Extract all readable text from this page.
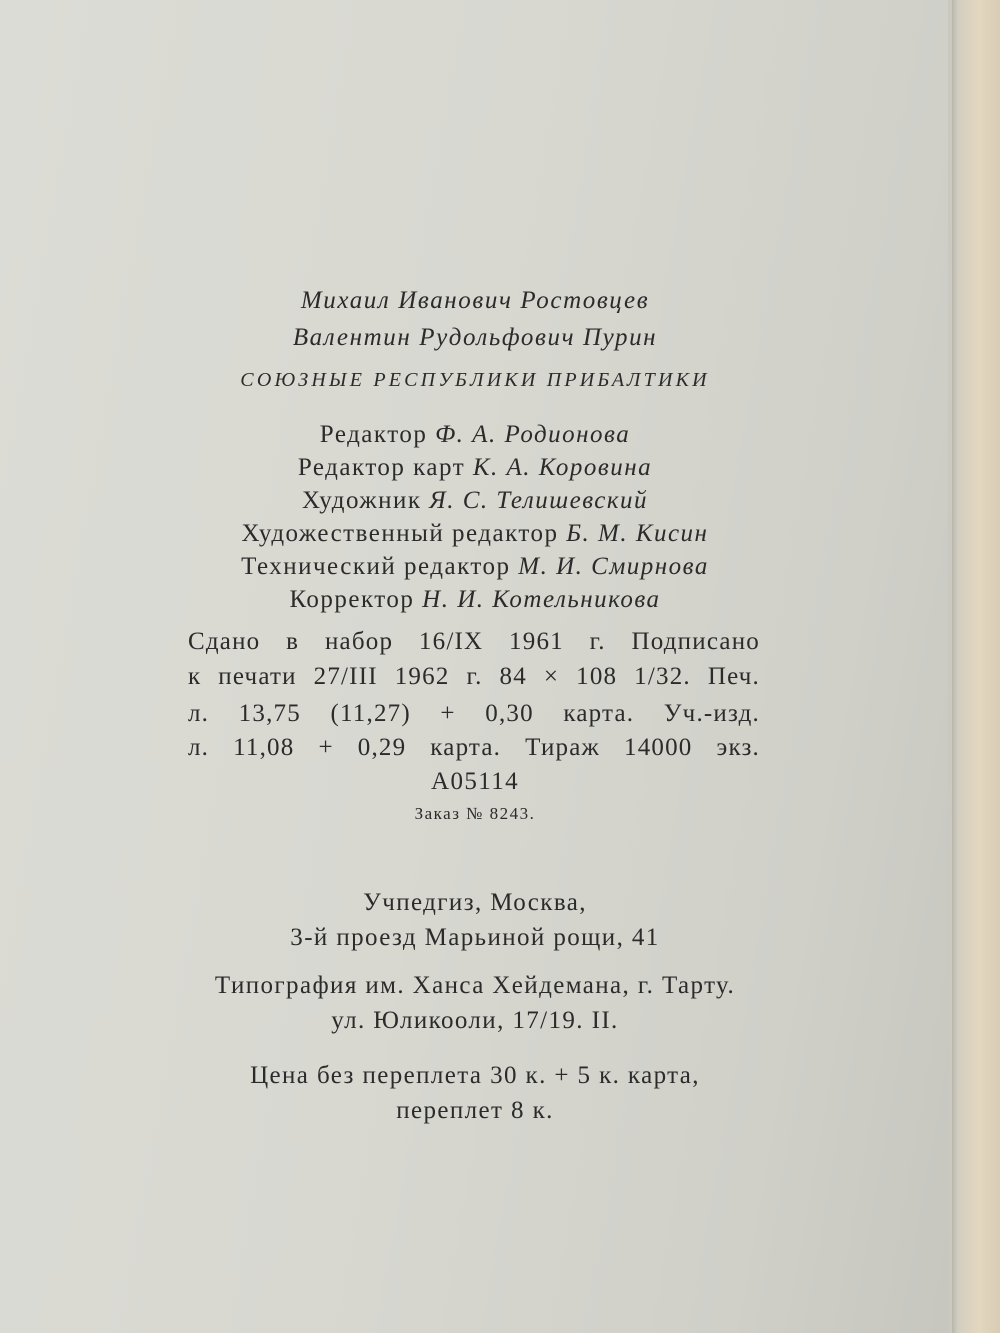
Михаил Иванович Ростовцев
Валентин Рудольфович Пурин
СОЮЗНЫЕ РЕСПУБЛИКИ ПРИБАЛТИКИ
Редактор Ф. А. Родионова
Редактор карт К. А. Коровина
Художник Я. С. Телишевский
Художественный редактор Б. М. Кисин
Технический редактор М. И. Смирнова
Корректор Н. И. Котельникова
Сдано в набор 16/IX 1961 г. Подписано
к печати 27/III 1962 г. 84 × 108 1/32. Печ.
л. 13,75 (11,27) + 0,30 карта. Уч.-изд.
л. 11,08 + 0,29 карта. Тираж 14000 экз.
А05114
Заказ № 8243.
Учпедгиз, Москва,
3-й проезд Марьиной рощи, 41
Типография им. Ханса Хейдемана, г. Тарту.
ул. Юликооли, 17/19. II.
Цена без переплета 30 к. + 5 к. карта,
переплет 8 к.
